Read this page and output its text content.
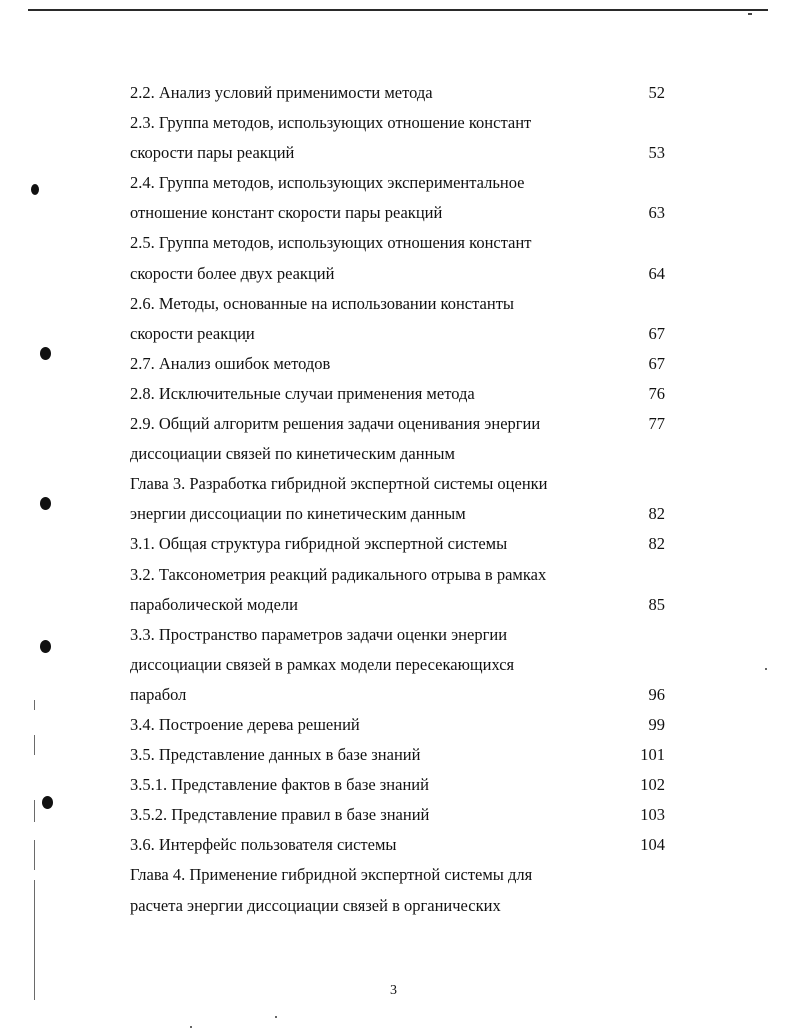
2.2. Анализ условий применимости метода	52
2.3. Группа методов, использующих отношение констант
скорости пары реакций	53
2.4. Группа методов, использующих экспериментальное
отношение констант скорости пары реакций	63
2.5. Группа методов, использующих отношения констант
скорости более двух реакций	64
2.6. Методы, основанные на использовании константы
скорости реакции	67
2.7. Анализ ошибок методов	67
2.8. Исключительные случаи применения метода	76
2.9. Общий алгоритм решения задачи оценивания энергии	77
диссоциации связей по кинетическим данным
Глава 3. Разработка гибридной экспертной системы оценки
энергии диссоциации по кинетическим данным	82
3.1. Общая структура гибридной экспертной системы	82
3.2. Таксонометрия реакций радикального отрыва в рамках
параболической модели	85
3.3. Пространство параметров задачи оценки энергии
диссоциации связей в рамках модели пересекающихся
парабол	96
3.4. Построение дерева решений	99
3.5. Представление данных в базе знаний	101
3.5.1. Представление фактов в базе знаний	102
3.5.2. Представление правил в базе знаний	103
3.6. Интерфейс пользователя системы	104
Глава 4. Применение гибридной экспертной системы для
расчета энергии диссоциации связей в органических
3
